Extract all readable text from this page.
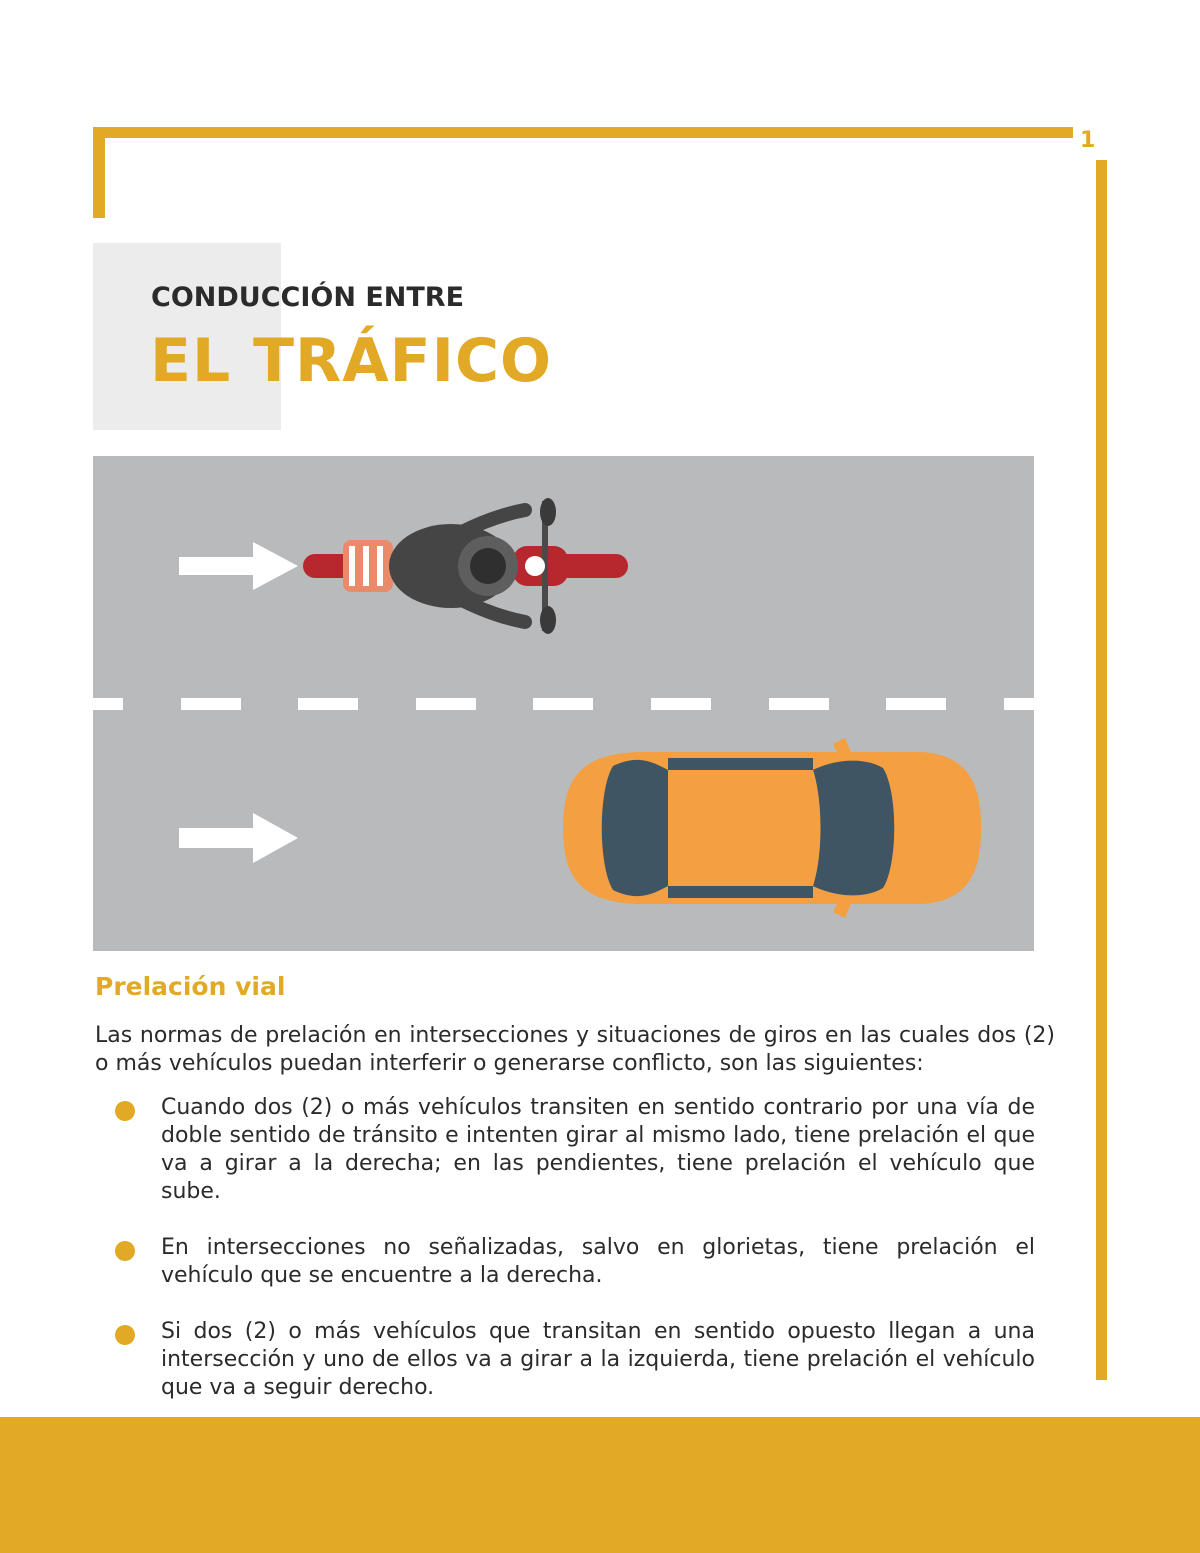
1
CONDUCCIÓN ENTRE
EL TRÁFICO
Prelación vial
Las normas de prelación en intersecciones y situaciones de giros en las cuales dos (2) o más vehículos puedan interferir o generarse conflicto, son las siguientes:
Cuando dos (2) o más vehículos transiten en sentido contrario por una vía de doble sentido de tránsito e intenten girar al mismo lado, tiene prelación el que va a girar a la derecha; en las pendientes, tiene prelación el vehículo que sube.
En intersecciones no señalizadas, salvo en glorietas, tiene prelación el vehículo que se encuentre a la derecha.
Si dos (2) o más vehículos que transitan en sentido opuesto llegan a una intersección y uno de ellos va a girar a la izquierda, tiene prelación el vehículo que va a seguir derecho.
